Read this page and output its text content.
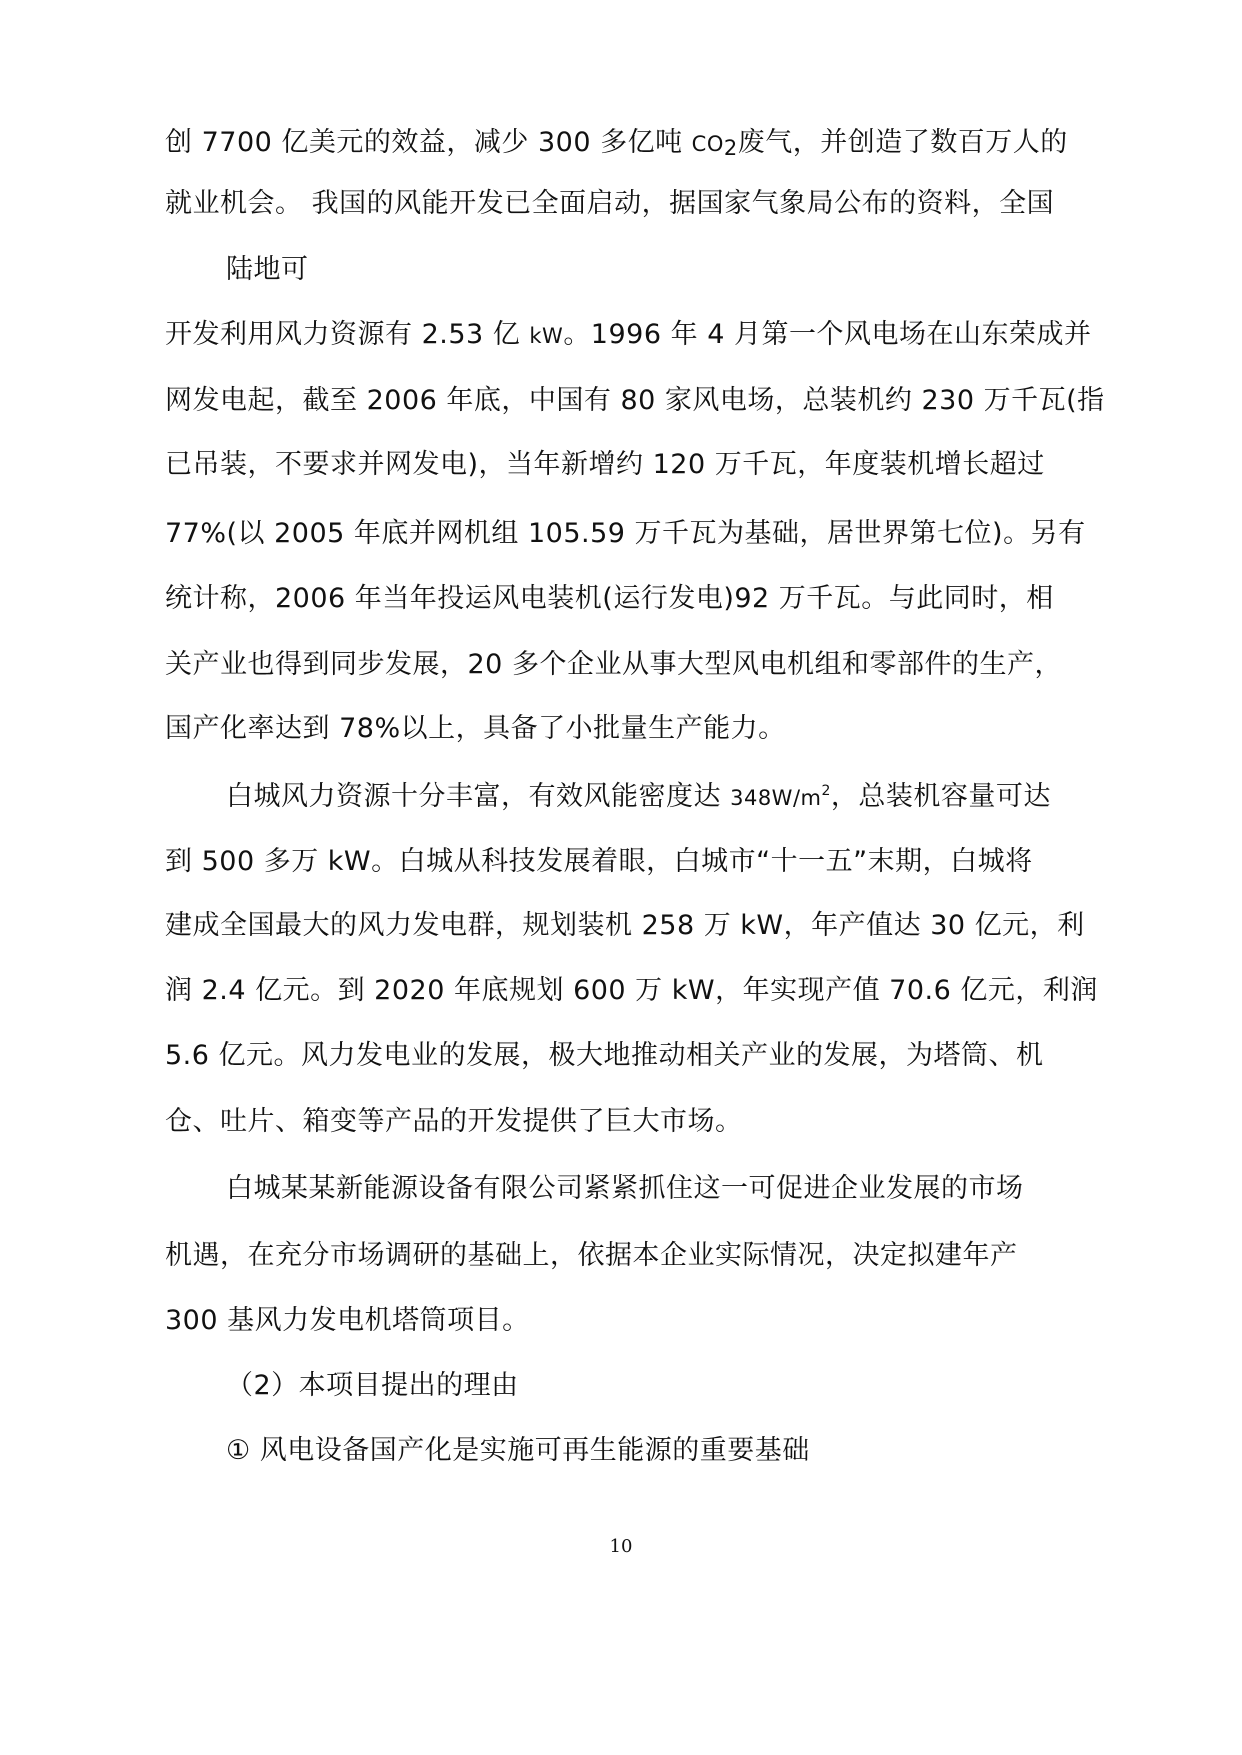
创 7700 亿美元的效益，减少 300 多亿吨 $CO_2$废气，并创造了数百万人的

就业机会。 我国的风能开发已全面启动，据国家气象局公布的资料，全国

陆地可

开发利用风力资源有 2.53 亿 kW。1996 年 4 月第一个风电场在山东荣成并

网发电起，截至 2006 年底，中国有 80 家风电场，总装机约 230 万千瓦(指

已吊装，不要求并网发电)，当年新增约 120 万千瓦，年度装机增长超过

77%(以 2005 年底并网机组 105.59 万千瓦为基础，居世界第七位)。另有

统计称，2006 年当年投运风电装机(运行发电)92 万千瓦。与此同时，相

关产业也得到同步发展，20 多个企业从事大型风电机组和零部件的生产，

国产化率达到 78%以上，具备了小批量生产能力。

白城风力资源十分丰富，有效风能密度达 $348W/m^2$，总装机容量可达

到 500 多万 kW。白城从科技发展着眼，白城市“十一五”末期，白城将

建成全国最大的风力发电群，规划装机 258 万 kW，年产值达 30 亿元，利

润 2.4 亿元。到 2020 年底规划 600 万 kW，年实现产值 70.6 亿元，利润

5.6 亿元。风力发电业的发展，极大地推动相关产业的发展，为塔筒、机

仓、吐片、箱变等产品的开发提供了巨大市场。

白城某某新能源设备有限公司紧紧抓住这一可促进企业发展的市场

机遇，在充分市场调研的基础上，依据本企业实际情况，决定拟建年产

300 基风力发电机塔筒项目。

（2）本项目提出的理由

① 风电设备国产化是实施可再生能源的重要基础

10
